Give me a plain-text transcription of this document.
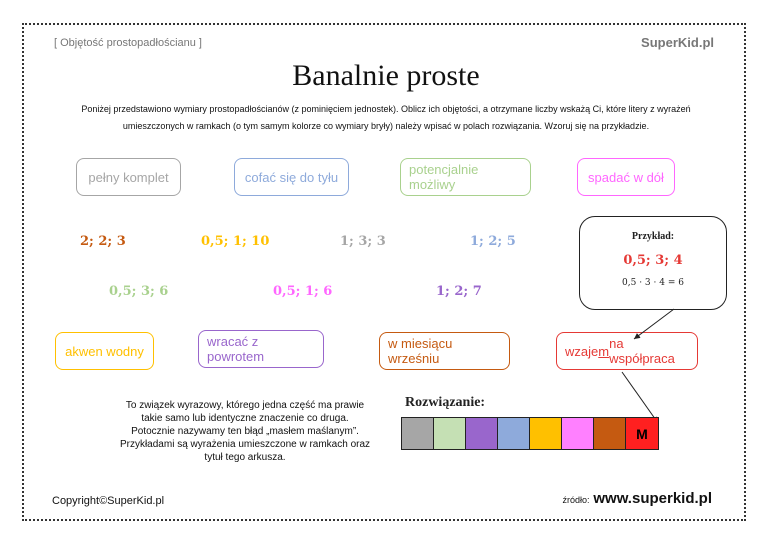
[ Objętość prostopadłościanu ]	SuperKid.pl
Banalnie proste
Poniżej przedstawiono wymiary prostopadłościanów (z pominięciem jednostek). Oblicz ich objętości, a otrzymane liczby wskażą Ci, które litery z wyrażeń
umieszczonych w ramkach (o tym samym kolorze co wymiary bryły) należy wpisać w polach rozwiązania. Wzoruj się na przykładzie.
pełny komplet	cofać się do tyłu	potencjalnie możliwy	spadać w dół
2; 2; 3	0,5; 1; 10	1; 3; 3	1; 2; 5
0,5; 3; 6	0,5; 1; 6	1; 2; 7
Przykład:
0,5; 3; 4
0,5 · 3 · 4 = 6
akwen wodny
wracać z powrotem
w miesiącu wrześniu	wzaje m na współpraca
To związek wyrazowy, którego jedna część ma prawie takie samo lub identyczne znaczenie co druga. Potocznie nazywamy ten błąd „masłem maślanym”. Przykładami są wyrażenia umieszczone w ramkach oraz tytuł tego arkusza.
Rozwiązanie:
M
Copyright©SuperKid.pl	źródło: www.superkid.pl
